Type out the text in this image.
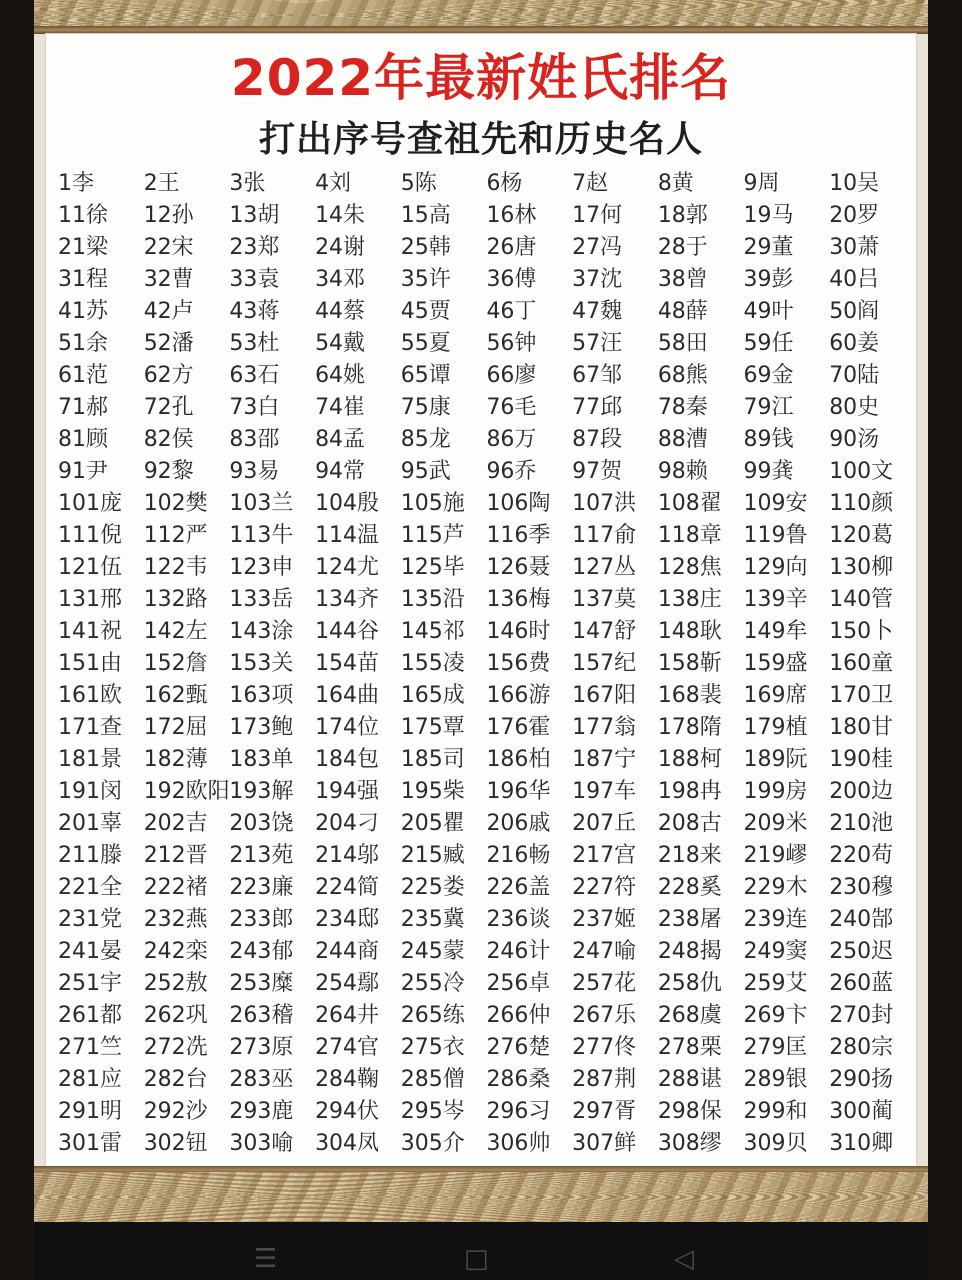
2022年最新姓氏排名
打出序号查祖先和历史名人
1李	2王	3张	4刘	5陈	6杨	7赵	8黄	9周	10吴
11徐	12孙	13胡	14朱	15高	16林	17何	18郭	19马	20罗
21梁	22宋	23郑	24谢	25韩	26唐	27冯	28于	29董	30萧
31程	32曹	33袁	34邓	35许	36傅	37沈	38曾	39彭	40吕
41苏	42卢	43蒋	44蔡	45贾	46丁	47魏	48薛	49叶	50阎
51余	52潘	53杜	54戴	55夏	56钟	57汪	58田	59任	60姜
61范	62方	63石	64姚	65谭	66廖	67邹	68熊	69金	70陆
71郝	72孔	73白	74崔	75康	76毛	77邱	78秦	79江	80史
81顾	82侯	83邵	84孟	85龙	86万	87段	88漕	89钱	90汤
91尹	92黎	93易	94常	95武	96乔	97贺	98赖	99龚	100文
101庞 102樊 103兰 104殷 105施 106陶 107洪 108翟 109安 110颜
111倪 112严 113牛 114温 115芦 116季 117俞 118章 119鲁 120葛
121伍 122韦 123申 124尤 125毕 126聂 127丛 128焦 129向 130柳
131邢 132路 133岳 134齐 135沿 136梅 137莫 138庄 139辛 140管
141祝 142左 143涂 144谷 145祁 146时 147舒 148耿 149牟 150卜
151由 152詹 153关 154苗 155凌 156费 157纪 158靳 159盛 160童
161欧 162甄 163项 164曲 165成 166游 167阳 168裴 169席 170卫
171查 172屈 173鲍 174位 175覃 176霍 177翁 178隋 179植 180甘
181景 182薄 183单 184包 185司 186柏 187宁 188柯 189阮 190桂
191闵 192欧阳 193解 194强 195柴 196华 197车 198冉 199房 200边
201辜 202吉 203饶 204刁 205瞿 206戚 207丘 208古 209米 210池
211滕 212晋 213苑 214邬 215臧 216畅 217宫 218来 219嵺 220苟
221全 222褚 223廉 224简 225娄 226盖 227符 228奚 229木 230穆
231党 232燕 233郎 234邸 235冀 236谈 237姬 238屠 239连 240郜
241晏 242栾 243郁 244商 245蒙 246计 247喻 248揭 249窦 250迟
251宇 252敖 253糜 254鄢 255冷 256卓 257花 258仇 259艾 260蓝
261都 262巩 263稽 264井 265练 266仲 267乐 268虞 269卞 270封
271竺 272冼 273原 274官 275衣 276楚 277佟 278栗 279匡 280宗
281应 282台 283巫 284鞠 285僧 286桑 287荆 288谌 289银 290扬
291明 292沙 293鹿 294伏 295岑 296习 297胥 298保 299和 300蔺
301雷 302钮 303喻 304凤 305介 306帅 307鲜 308缪 309贝 310卿
☰	□	◁
